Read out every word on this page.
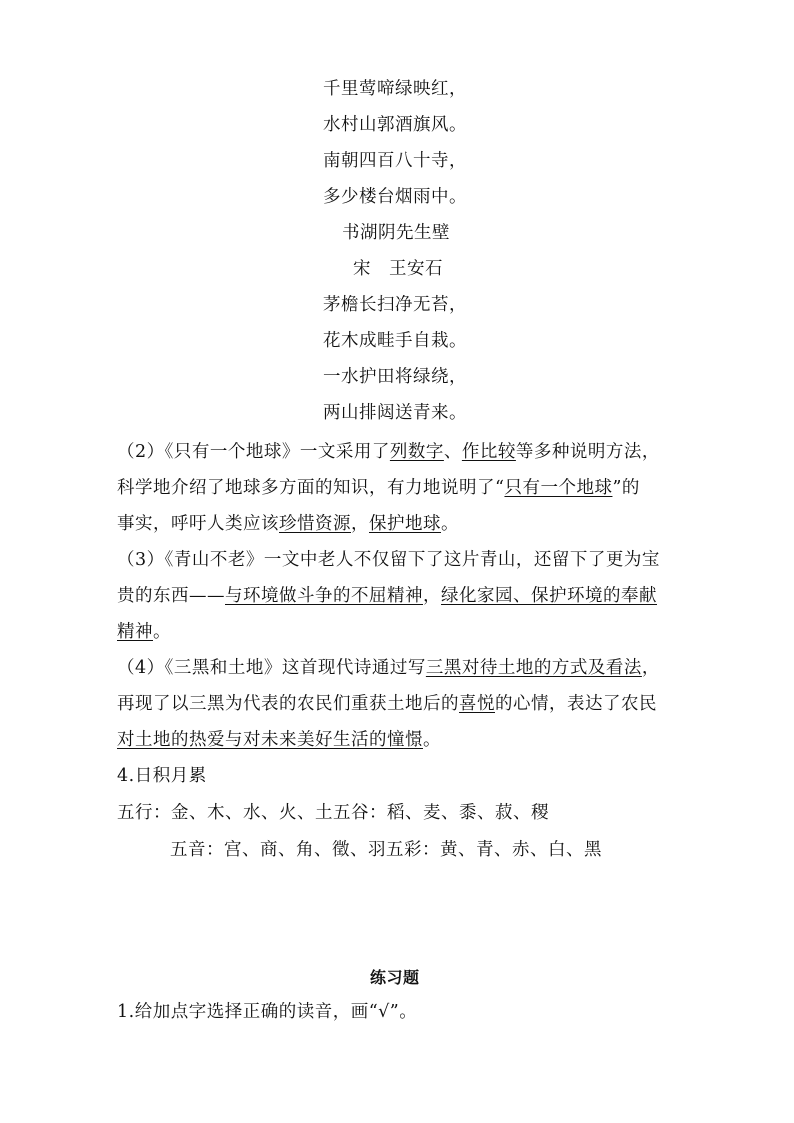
千里莺啼绿映红，
水村山郭酒旗风。
南朝四百八十寺，
多少楼台烟雨中。
书湖阴先生壁
宋 王安石
茅檐长扫净无苔，
花木成畦手自栽。
一水护田将绿绕，
两山排闼送青来。
（2）《只有一个地球》一文采用了列数字、作比较等多种说明方法，
科学地介绍了地球多方面的知识，有力地说明了“只有一个地球”的
事实，呼吁人类应该珍惜资源，保护地球。
（3）《青山不老》一文中老人不仅留下了这片青山，还留下了更为宝
贵的东西——与环境做斗争的不屈精神，绿化家园、保护环境的奉献
精神。
（4）《三黑和土地》这首现代诗通过写三黑对待土地的方式及看法，
再现了以三黑为代表的农民们重获土地后的喜悦的心情，表达了农民
对土地的热爱与对未来美好生活的憧憬。
4.日积月累
五行：金、木、水、火、土五谷：稻、麦、黍、菽、稷
五音：宫、商、角、徵、羽五彩：黄、青、赤、白、黑
练习题
1.给加点字选择正确的读音，画“√”。
